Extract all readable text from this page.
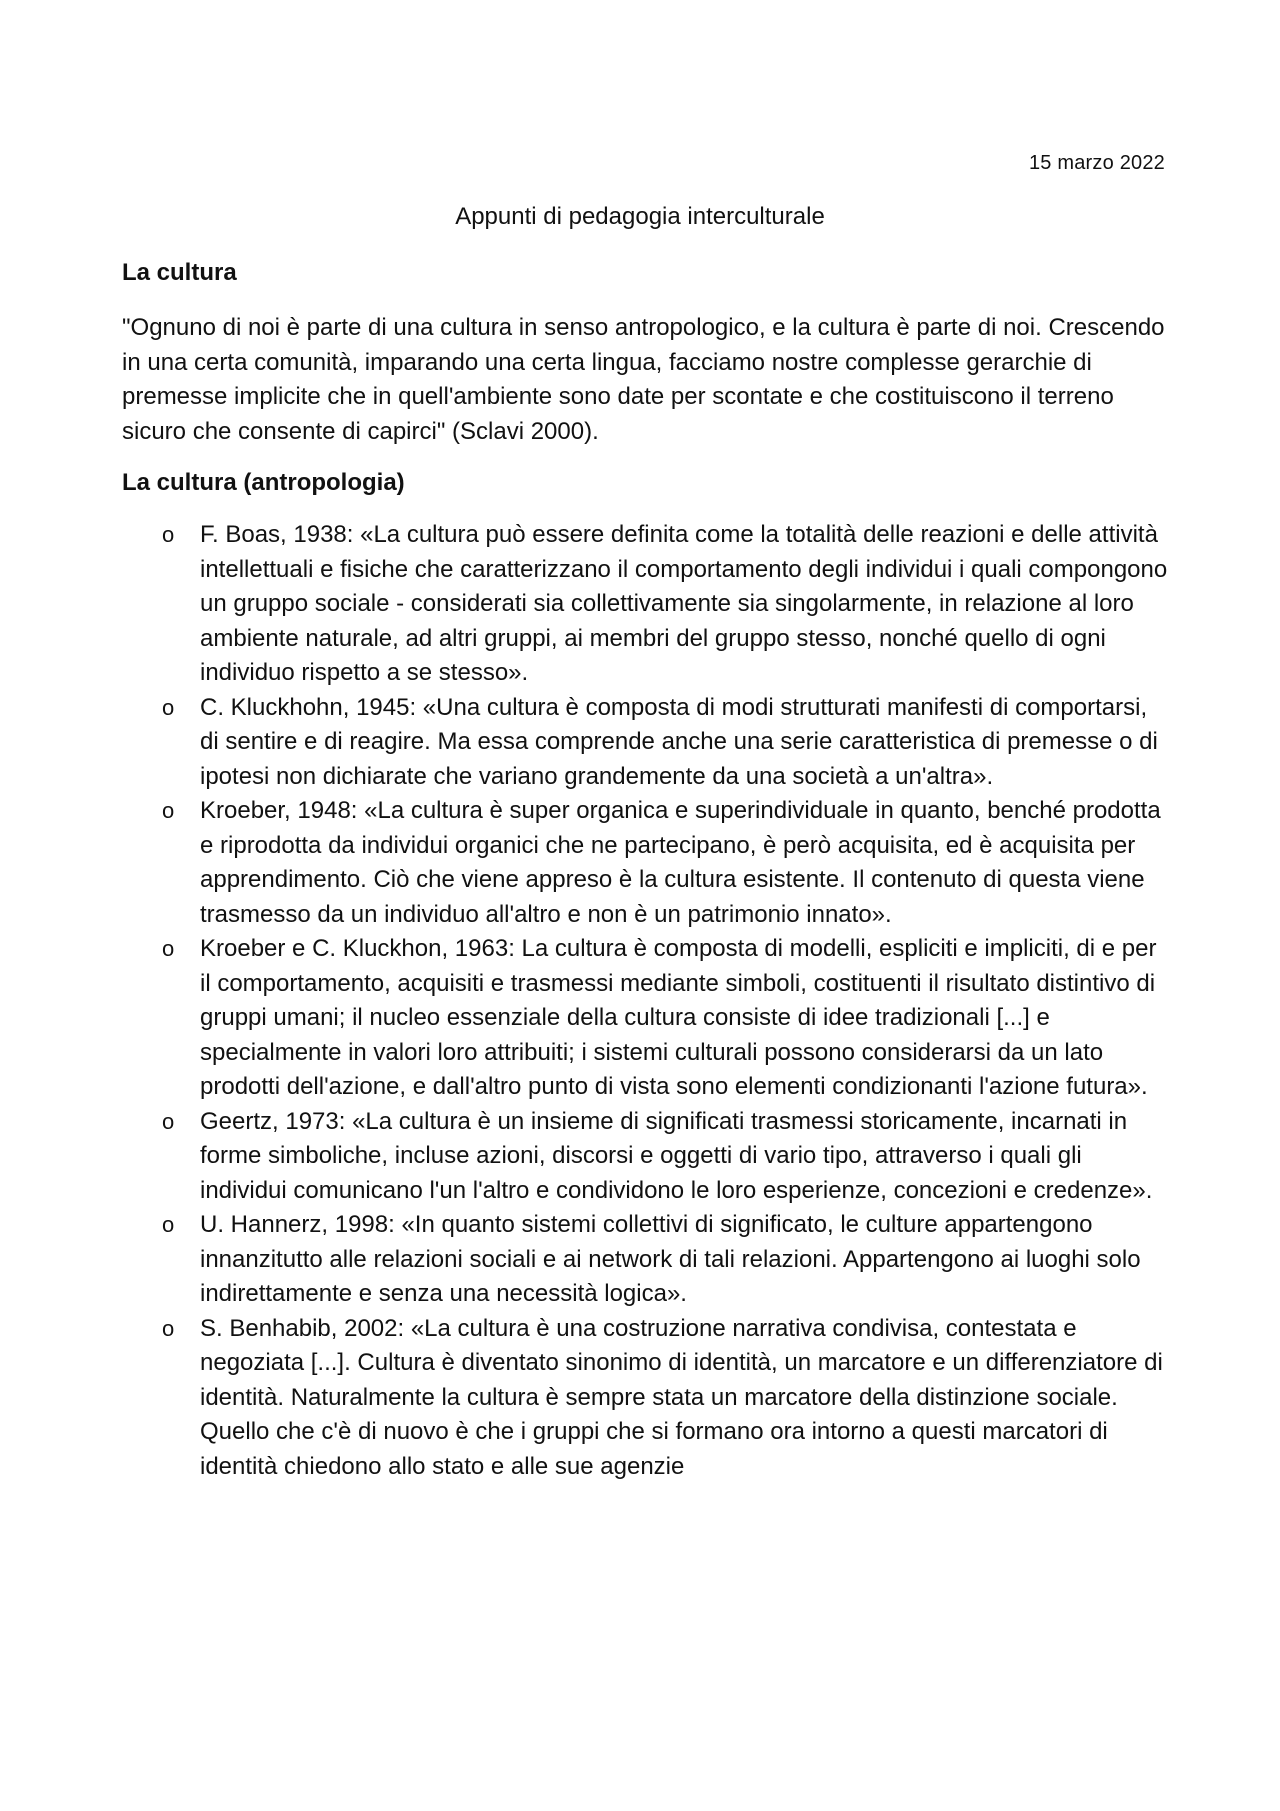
15 marzo 2022
Appunti di pedagogia interculturale
La cultura

"Ognuno di noi è parte di una cultura in senso antropologico, e la cultura è parte di noi. Crescendo in una certa comunità, imparando una certa lingua, facciamo nostre complesse gerarchie di premesse implicite che in quell'ambiente sono date per scontate e che costituiscono il terreno sicuro che consente di capirci" (Sclavi 2000).

La cultura (antropologia)
o F. Boas, 1938: «La cultura può essere definita come la totalità delle reazioni e delle attività intellettuali e fisiche che caratterizzano il comportamento degli individui i quali compongono un gruppo sociale - considerati sia collettivamente sia singolarmente, in relazione al loro ambiente naturale, ad altri gruppi, ai membri del gruppo stesso, nonché quello di ogni individuo rispetto a se stesso».
o C. Kluckhohn, 1945: «Una cultura è composta di modi strutturati manifesti di comportarsi, di sentire e di reagire. Ma essa comprende anche una serie caratteristica di premesse o di ipotesi non dichiarate che variano grandemente da una società a un'altra».
o Kroeber, 1948: «La cultura è super organica e superindividuale in quanto, benché prodotta e riprodotta da individui organici che ne partecipano, è però acquisita, ed è acquisita per apprendimento. Ciò che viene appreso è la cultura esistente. Il contenuto di questa viene trasmesso da un individuo all'altro e non è un patrimonio innato».
o Kroeber e C. Kluckhon, 1963: La cultura è composta di modelli, espliciti e impliciti, di e per il comportamento, acquisiti e trasmessi mediante simboli, costituenti il risultato distintivo di gruppi umani; il nucleo essenziale della cultura consiste di idee tradizionali [...] e specialmente in valori loro attribuiti; i sistemi culturali possono considerarsi da un lato prodotti dell'azione, e dall'altro punto di vista sono elementi condizionanti l'azione futura».
o Geertz, 1973: «La cultura è un insieme di significati trasmessi storicamente, incarnati in forme simboliche, incluse azioni, discorsi e oggetti di vario tipo, attraverso i quali gli individui comunicano l'un l'altro e condividono le loro esperienze, concezioni e credenze».
o U. Hannerz, 1998: «In quanto sistemi collettivi di significato, le culture appartengono innanzitutto alle relazioni sociali e ai network di tali relazioni. Appartengono ai luoghi solo indirettamente e senza una necessità logica».
o S. Benhabib, 2002: «La cultura è una costruzione narrativa condivisa, contestata e negoziata [...]. Cultura è diventato sinonimo di identità, un marcatore e un differenziatore di identità. Naturalmente la cultura è sempre stata un marcatore della distinzione sociale. Quello che c'è di nuovo è che i gruppi che si formano ora intorno a questi marcatori di identità chiedono allo stato e alle sue agenzie
